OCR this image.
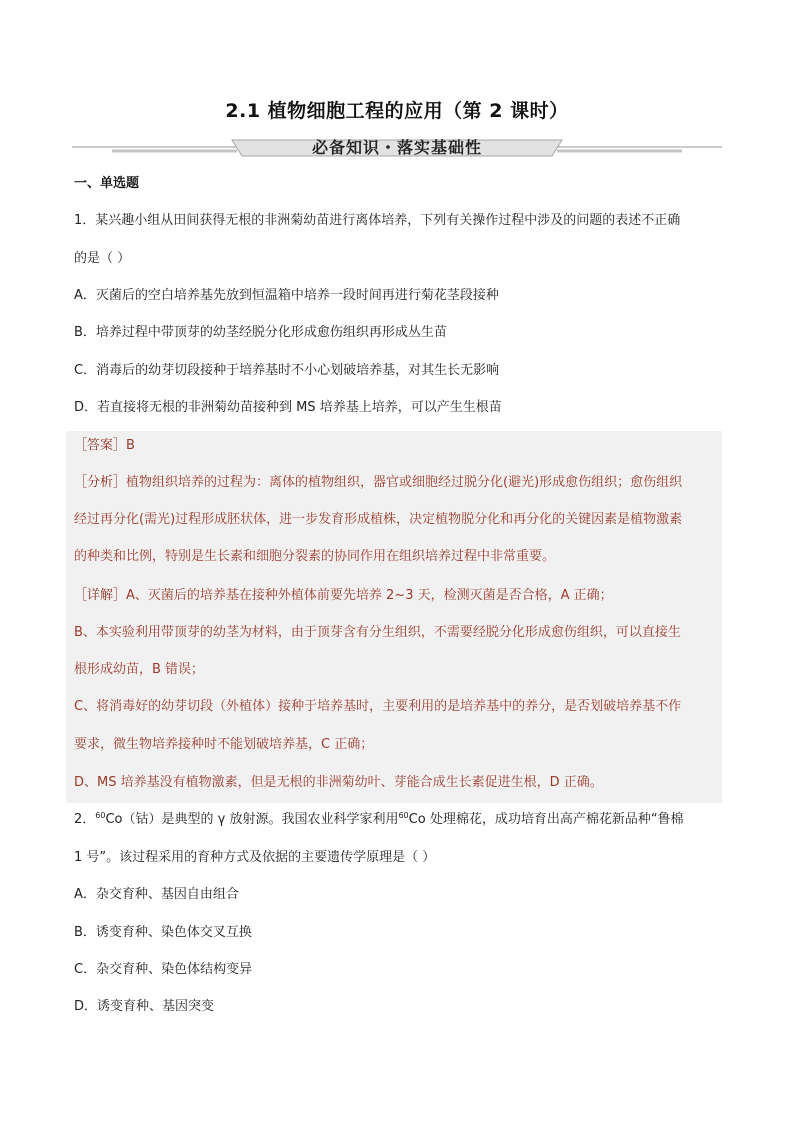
2.1 植物细胞工程的应用（第 2 课时）
必备知识・落实基础性
一、单选题
1．某兴趣小组从田间获得无根的非洲菊幼苗进行离体培养，下列有关操作过程中涉及的问题的表述不正确
的是（ ）
A．灭菌后的空白培养基先放到恒温箱中培养一段时间再进行菊花茎段接种
B．培养过程中带顶芽的幼茎经脱分化形成愈伤组织再形成丛生苗
C．消毒后的幼芽切段接种于培养基时不小心划破培养基，对其生长无影响
D．若直接将无根的非洲菊幼苗接种到 MS 培养基上培养，可以产生生根苗
［答案］B
［分析］植物组织培养的过程为：离体的植物组织，器官或细胞经过脱分化(避光)形成愈伤组织；愈伤组织
经过再分化(需光)过程形成胚状体，进一步发育形成植株，决定植物脱分化和再分化的关键因素是植物激素
的种类和比例，特别是生长素和细胞分裂素的协同作用在组织培养过程中非常重要。
［详解］A、灭菌后的培养基在接种外植体前要先培养 2~3 天，检测灭菌是否合格，A 正确；
B、本实验利用带顶芽的幼茎为材料，由于顶芽含有分生组织，不需要经脱分化形成愈伤组织，可以直接生
根形成幼苗，B 错误；
C、将消毒好的幼芽切段（外植体）接种于培养基时，主要利用的是培养基中的养分，是否划破培养基不作
要求，微生物培养接种时不能划破培养基，C 正确；
D、MS 培养基没有植物激素，但是无根的非洲菊幼叶、芽能合成生长素促进生根，D 正确。
2．$^{60}$Co（钴）是典型的 γ 放射源。我国农业科学家利用$^{60}$Co 处理棉花，成功培育出高产棉花新品种“鲁棉
1 号”。该过程采用的育种方式及依据的主要遗传学原理是（ ）
A．杂交育种、基因自由组合
B．诱变育种、染色体交叉互换
C．杂交育种、染色体结构变异
D．诱变育种、基因突变
